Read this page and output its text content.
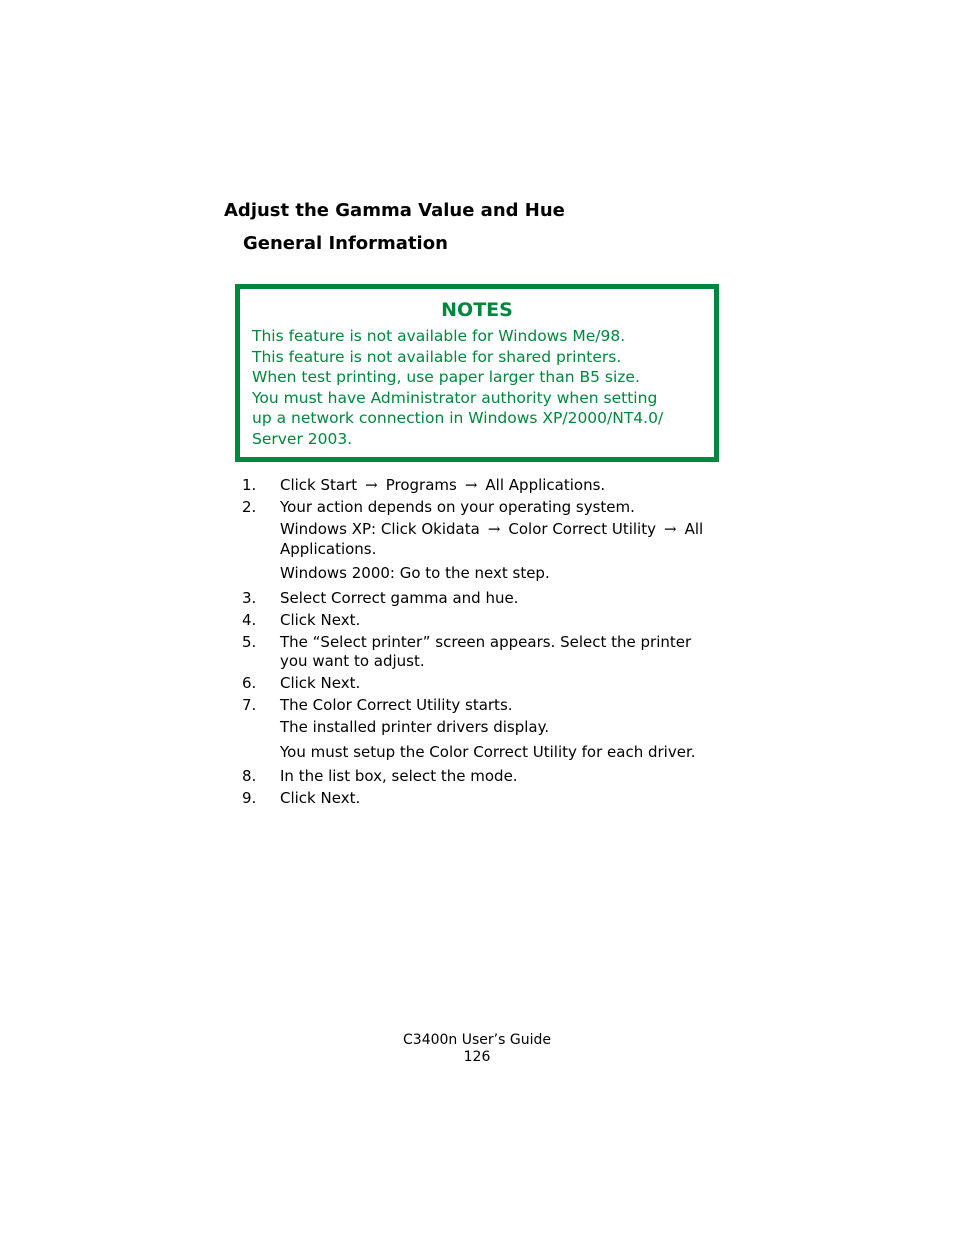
Adjust the Gamma Value and Hue
General Information
NOTES
This feature is not available for Windows Me/98.
This feature is not available for shared printers.
When test printing, use paper larger than B5 size.
You must have Administrator authority when setting
up a network connection in Windows XP/2000/NT4.0/
Server 2003.
1. Click Start → Programs → All Applications.
2. Your action depends on your operating system.
Windows XP: Click Okidata → Color Correct Utility → All
Applications.
Windows 2000: Go to the next step.
3. Select Correct gamma and hue.
4. Click Next.
5. The “Select printer” screen appears. Select the printer
you want to adjust.
6. Click Next.
7. The Color Correct Utility starts.
The installed printer drivers display.
You must setup the Color Correct Utility for each driver.
8. In the list box, select the mode.
9. Click Next.
C3400n User’s Guide
126
